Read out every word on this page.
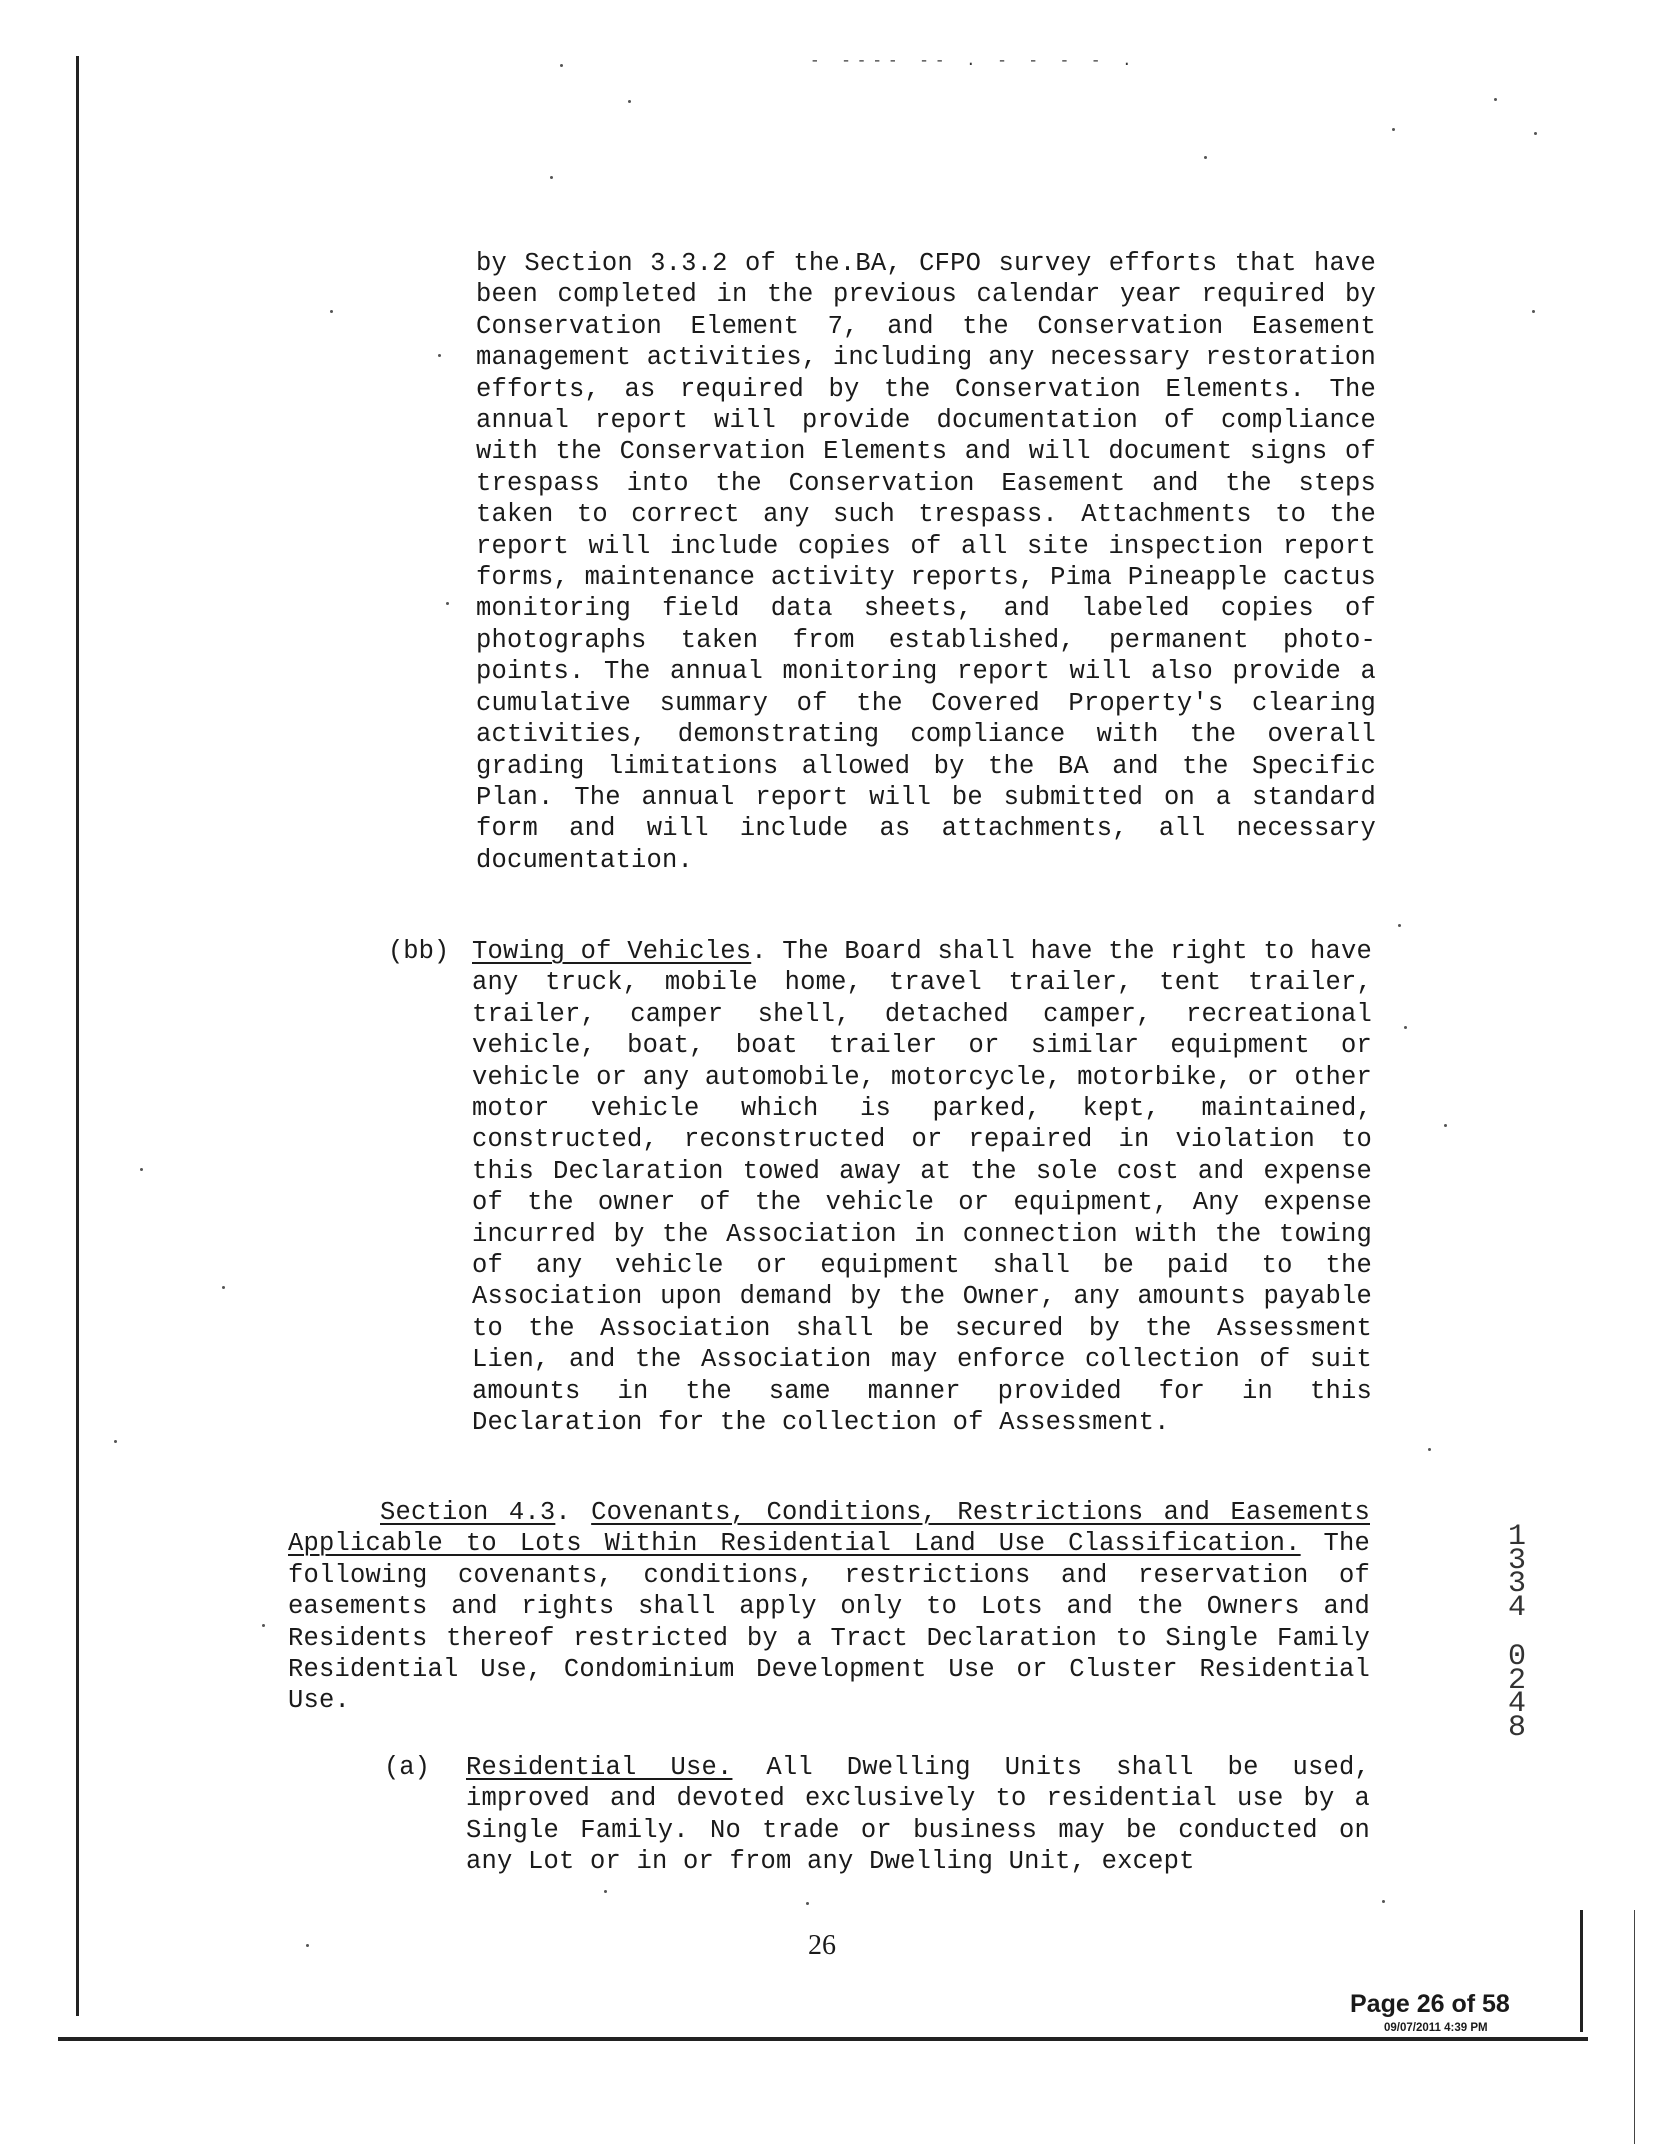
- ---- -- . - - - - .

by Section 3.3.2 of the.BA, CFPO survey efforts that have been completed in the previous calendar year required by Conservation Element 7, and the Conservation Easement management activities, including any necessary restoration efforts, as required by the Conservation Elements. The annual report will provide documentation of compliance with the Conservation Elements and will document signs of trespass into the Conservation Easement and the steps taken to correct any such trespass. Attachments to the report will include copies of all site inspection report forms, maintenance activity reports, Pima Pineapple cactus monitoring field data sheets, and labeled copies of photographs taken from established, permanent photo-points. The annual monitoring report will also provide a cumulative summary of the Covered Property's clearing activities, demonstrating compliance with the overall grading limitations allowed by the BA and the Specific Plan. The annual report will be submitted on a standard form and will include as attachments, all necessary documentation.

(bb) Towing of Vehicles. The Board shall have the right to have any truck, mobile home, travel trailer, tent trailer, trailer, camper shell, detached camper, recreational vehicle, boat, boat trailer or similar equipment or vehicle or any automobile, motorcycle, motorbike, or other motor vehicle which is parked, kept, maintained, constructed, reconstructed or repaired in violation to this Declaration towed away at the sole cost and expense of the owner of the vehicle or equipment, Any expense incurred by the Association in connection with the towing of any vehicle or equipment shall be paid to the Association upon demand by the Owner, any amounts payable to the Association shall be secured by the Assessment Lien, and the Association may enforce collection of suit amounts in the same manner provided for in this Declaration for the collection of Assessment.

Section 4.3. Covenants, Conditions, Restrictions and Easements Applicable to Lots Within Residential Land Use Classification. The following covenants, conditions, restrictions and reservation of easements and rights shall apply only to Lots and the Owners and Residents thereof restricted by a Tract Declaration to Single Family Residential Use, Condominium Development Use or Cluster Residential Use.

(a) Residential Use. All Dwelling Units shall be used, improved and devoted exclusively to residential use by a Single Family. No trade or business may be conducted on any Lot or in or from any Dwelling Unit, except

26
Page 26 of 58
09/07/2011 4:39 PM
1334
0248
